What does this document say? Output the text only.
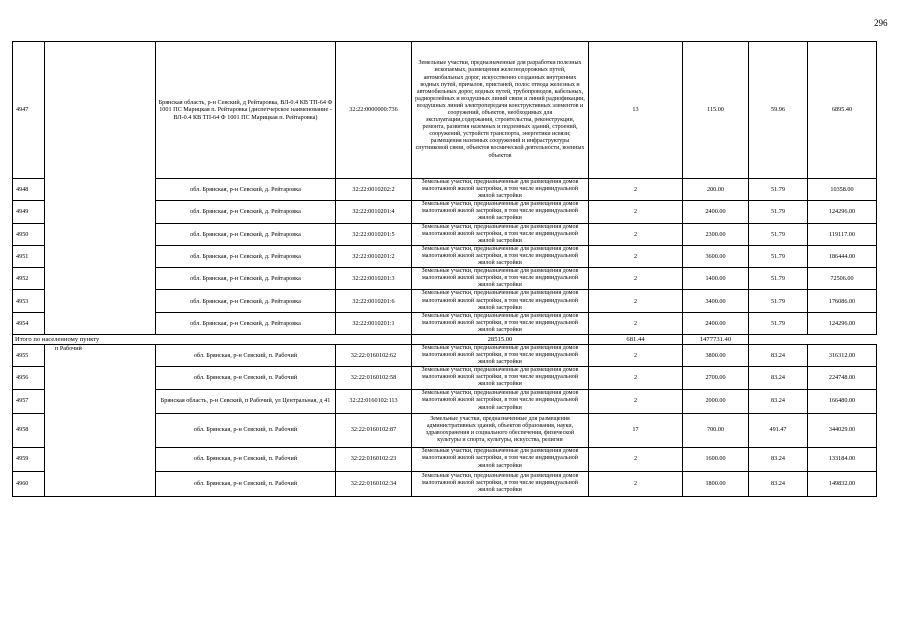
296
4947		Брянская область, р-н Севский, д Рейтаровка, ВЛ-0.4 КВ ТП-64 Ф 1001 ПС Марицкая п. Рейтаровка (диспетчерское наименование - ВЛ-0.4 КВ ТП-64 Ф 1001 ПС Марицкая п. Рейтаровка)	32:22:0000000:736	Земельные участки, предназначенные для разработки полезных ископаемых, размещения железнодорожных путей, автомобильных дорог, искусственно созданных внутренних водных путей, причалов, пристаней, полос отвода железных и автомобильных дорог, водных путей, трубопроводов, кабельных, радиорелейных и воздушных линий связи и линий радиофикации, воздушных линий электропередачи конструктивных элементов и сооружений, объектов, необходимых для эксплуатации,содержания, строительства, реконструкции, ремонта, развития наземных и подземных зданий, строений, сооружений, устройств транспорта, энергетики исвязи; размещения наземных сооружений и инфраструктуры спутниковой связи, объектов космической деятельности, военных объектов	13	115.00	59.96	6895.40
4948		обл. Брянская, р-н Севский, д. Рейтаровка	32:22:0010202:2	Земельные участки, предназначенные для размещения домов малоэтажной жилой застройки, в том числе индивидуальной жилой застройки	2	200.00	51.79	10358.00
4949		обл. Брянская, р-н Севский, д. Рейтаровка	32:22:0010201:4	Земельные участки, предназначенные для размещения домов малоэтажной жилой застройки, в том числе индивидуальной жилой застройки	2	2400.00	51.79	124296.00
4950		обл. Брянская, р-н Севский, д. Рейтаровка	32:22:0010201:5	Земельные участки, предназначенные для размещения домов малоэтажной жилой застройки, в том числе индивидуальной жилой застройки	2	2300.00	51.79	119117.00
4951		обл. Брянская, р-н Севский, д. Рейтаровка	32:22:0010201:2	Земельные участки, предназначенные для размещения домов малоэтажной жилой застройки, в том числе индивидуальной жилой застройки	2	3600.00	51.79	186444.00
4952		обл. Брянская, р-н Севский, д. Рейтаровка	32:22:0010201:3	Земельные участки, предназначенные для размещения домов малоэтажной жилой застройки, в том числе индивидуальной жилой застройки	2	1400.00	51.79	72506.00
4953		обл. Брянская, р-н Севский, д. Рейтаровка	32:22:0010201:6	Земельные участки, предназначенные для размещения домов малоэтажной жилой застройки, в том числе индивидуальной жилой застройки	2	3400.00	51.79	176086.00
4954		обл. Брянская, р-н Севский, д. Рейтаровка	32:22:0010201:1	Земельные участки, предназначенные для размещения домов малоэтажной жилой застройки, в том числе индивидуальной жилой застройки	2	2400.00	51.79	124296.00
Итого по населенному пункту				28515.00	681.44	1477731.40		
4955	п Рабочий	обл. Брянская, р-н Севский, п. Рабочий	32:22:0160102:62	Земельные участки, предназначенные для размещения домов малоэтажной жилой застройки, в том числе индивидуальной жилой застройки	2	3800.00	83.24	316312.00
4956		обл. Брянская, р-н Севский, п. Рабочий	32:22:0160102:58	Земельные участки, предназначенные для размещения домов малоэтажной жилой застройки, в том числе индивидуальной жилой застройки	2	2700.00	83.24	224748.00
4957		Брянская область, р-н Севский, п Рабочий, ул Центральная, д 41	32:22:0160102:113	Земельные участки, предназначенные для размещения домов малоэтажной жилой застройки, в том числе индивидуальной жилой застройки	2	2000.00	83.24	166480.00
4958		обл. Брянская, р-н Севский, п. Рабочий	32:22:0160102:87	Земельные участки, предназначенные для размещения административных зданий, объектов образования, науки, здравоохранения и социального обеспечения, физической культуры и спорта, культуры, искусства, религии	17	700.00	491.47	344029.00
4959		обл. Брянская, р-н Севский, п. Рабочий	32:22:0160102:23	Земельные участки, предназначенные для размещения домов малоэтажной жилой застройки, в том числе индивидуальной жилой застройки	2	1600.00	83.24	133184.00
4960		обл. Брянская, р-н Севский, п. Рабочий	32:22:0160102:34	Земельные участки, предназначенные для размещения домов малоэтажной жилой застройки, в том числе индивидуальной жилой застройки	2	1800.00	83.24	149832.00
